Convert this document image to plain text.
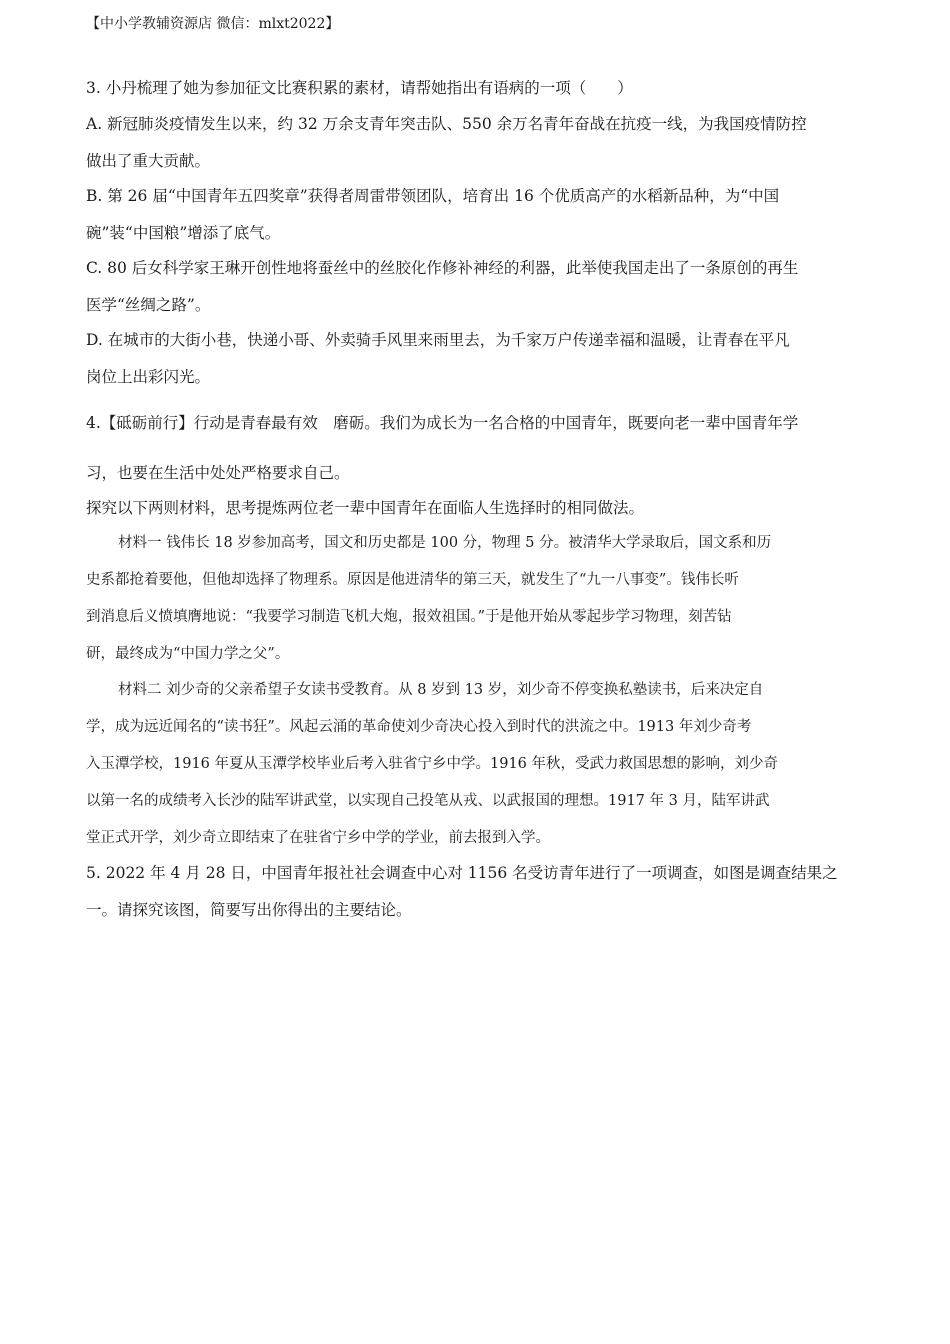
【中小学教辅资源店 微信：mlxt2022】
3. 小丹梳理了她为参加征文比赛积累的素材，请帮她指出有语病的一项（　　）
A. 新冠肺炎疫情发生以来，约 32 万余支青年突击队、550 余万名青年奋战在抗疫一线，为我国疫情防控
做出了重大贡献。
B. 第 26 届“中国青年五四奖章”获得者周雷带领团队，培育出 16 个优质高产的水稻新品种，为“中国
碗”装“中国粮”增添了底气。
C. 80 后女科学家王琳开创性地将蚕丝中的丝胶化作修补神经的利器，此举使我国走出了一条原创的再生
医学“丝绸之路”。
D. 在城市的大街小巷，快递小哥、外卖骑手风里来雨里去，为千家万户传递幸福和温暖，让青春在平凡
岗位上出彩闪光。
4.【砥砺前行】行动是青春最有效　磨砺。我们为成长为一名合格的中国青年，既要向老一辈中国青年学
习，也要在生活中处处严格要求自己。
探究以下两则材料，思考提炼两位老一辈中国青年在面临人生选择时的相同做法。
材料一 钱伟长 18 岁参加高考，国文和历史都是 100 分，物理 5 分。被清华大学录取后，国文系和历
史系都抢着要他，但他却选择了物理系。原因是他进清华的第三天，就发生了“九一八事变”。钱伟长听
到消息后义愤填膺地说：“我要学习制造飞机大炮，报效祖国。”于是他开始从零起步学习物理，刻苦钻
研，最终成为“中国力学之父”。
材料二 刘少奇的父亲希望子女读书受教育。从 8 岁到 13 岁，刘少奇不停变换私塾读书，后来决定自
学，成为远近闻名的“读书狂”。风起云涌的革命使刘少奇决心投入到时代的洪流之中。1913 年刘少奇考
入玉潭学校，1916 年夏从玉潭学校毕业后考入驻省宁乡中学。1916 年秋，受武力救国思想的影响，刘少奇
以第一名的成绩考入长沙的陆军讲武堂，以实现自己投笔从戎、以武报国的理想。1917 年 3 月，陆军讲武
堂正式开学，刘少奇立即结束了在驻省宁乡中学的学业，前去报到入学。
5. 2022 年 4 月 28 日，中国青年报社社会调查中心对 1156 名受访青年进行了一项调查，如图是调查结果之
一。请探究该图，简要写出你得出的主要结论。
